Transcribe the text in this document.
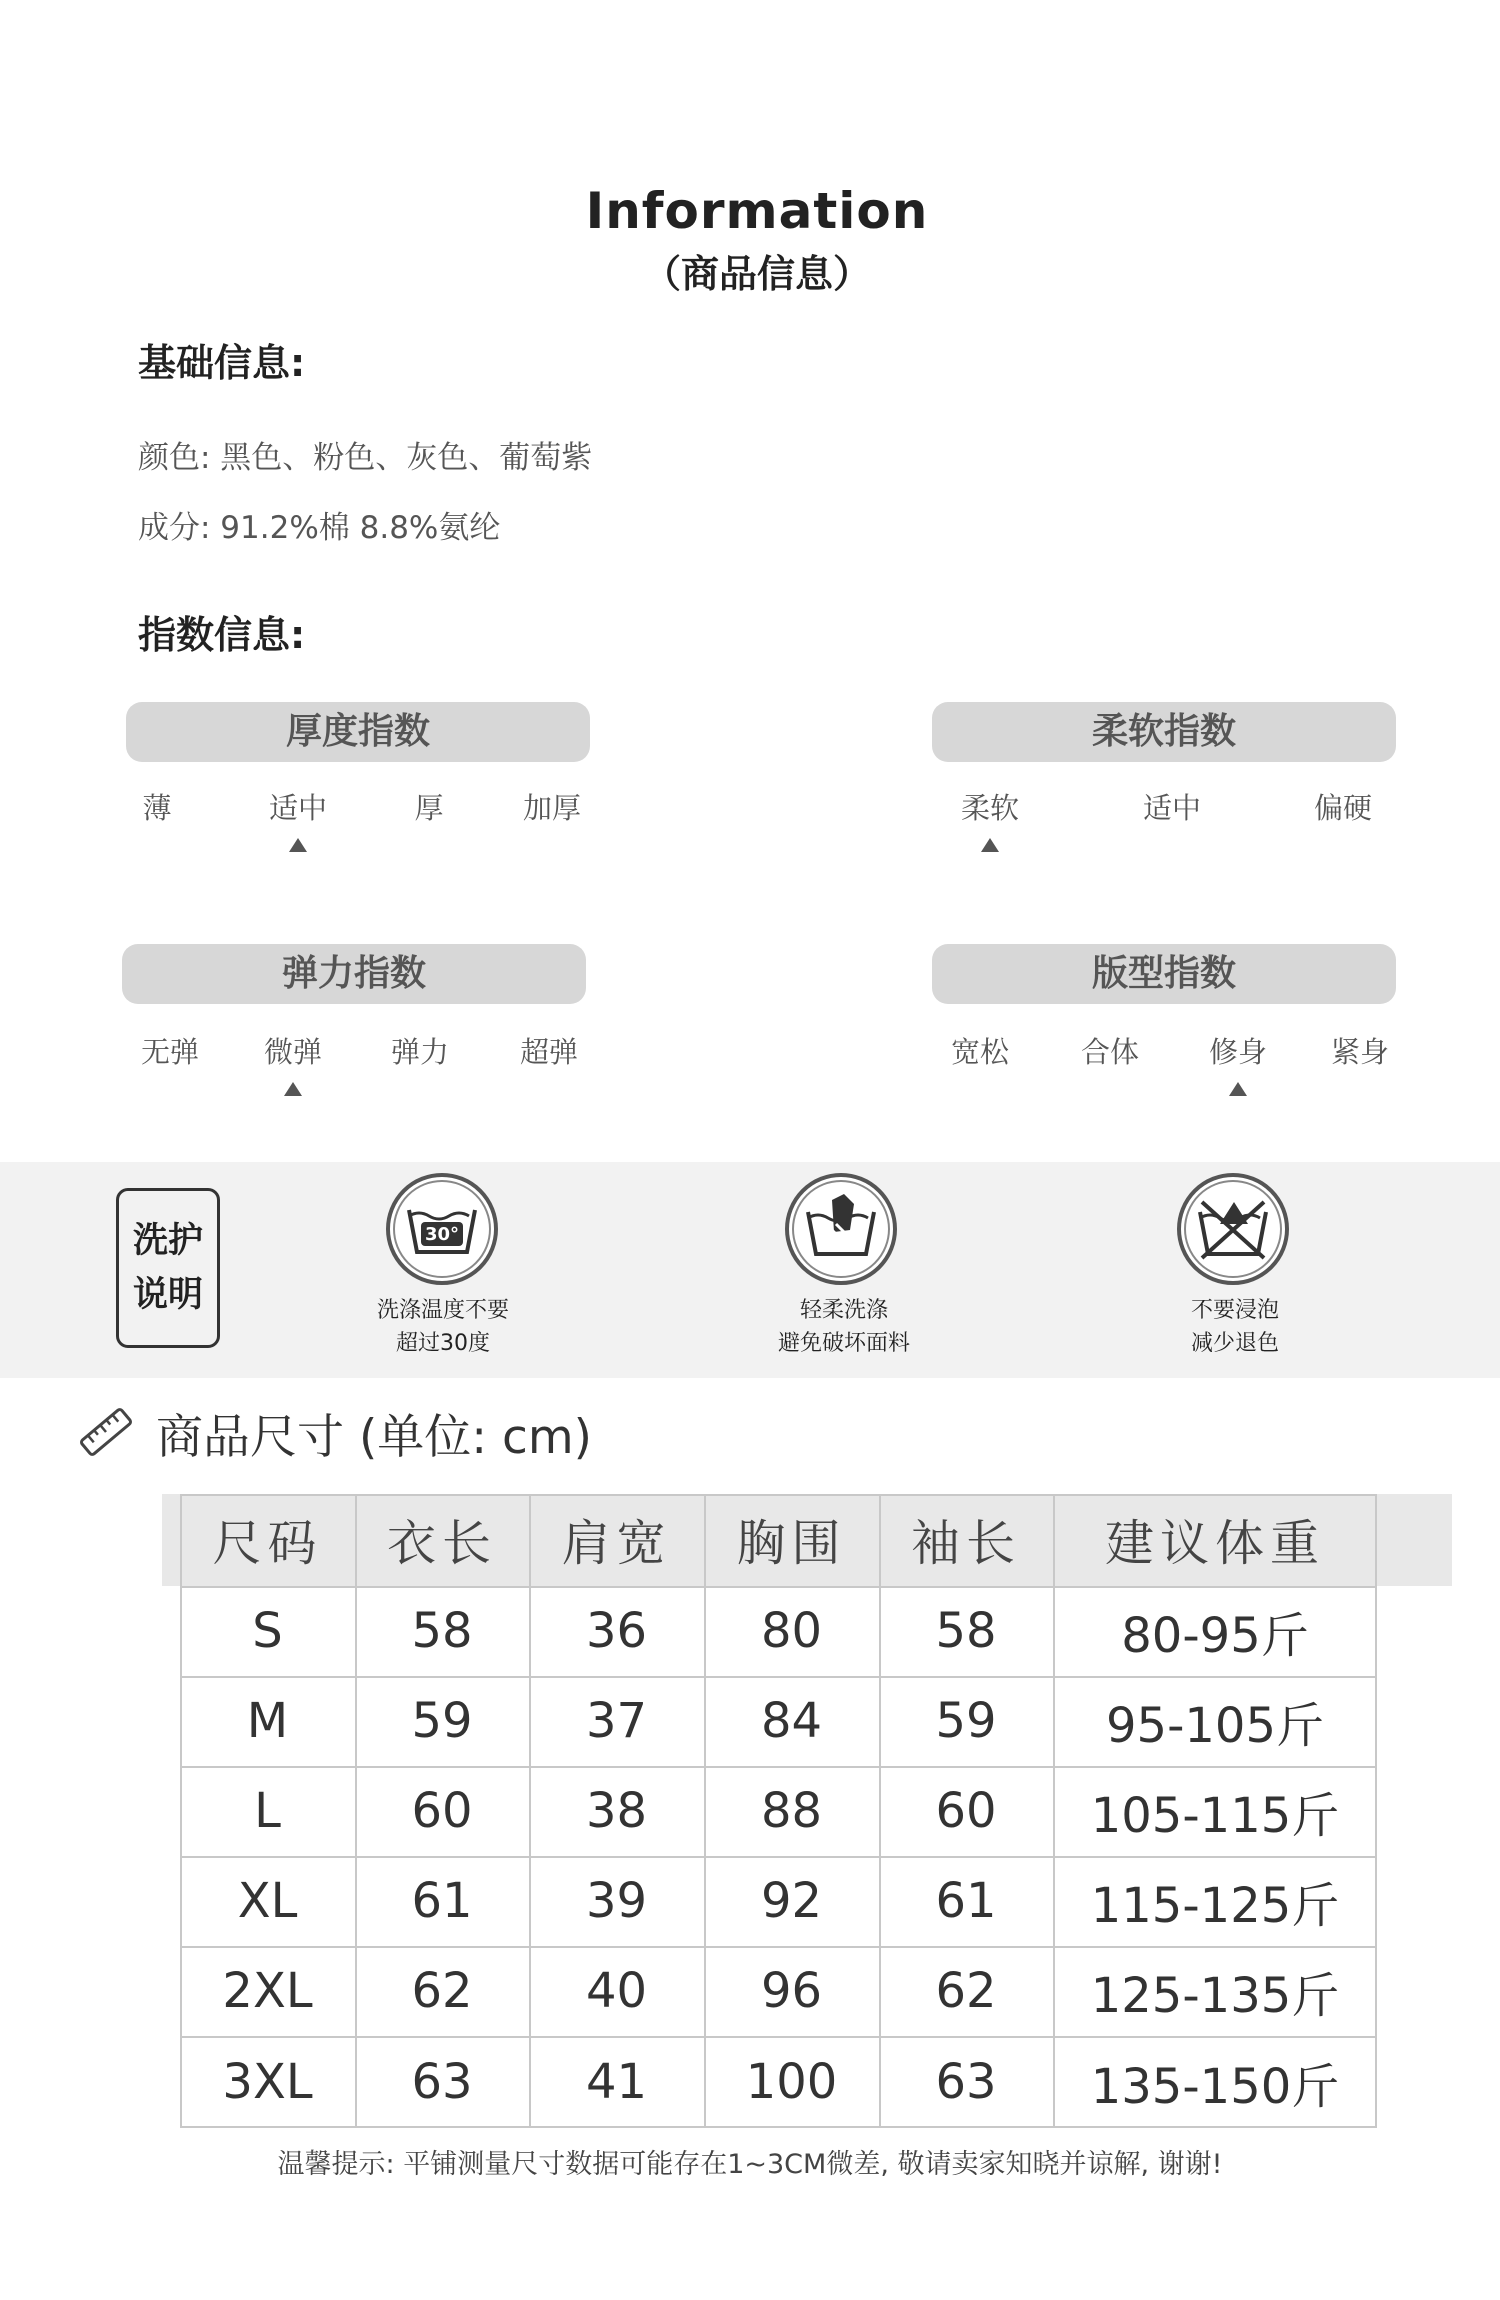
Information
（商品信息）
基础信息:
颜色: 黑色、粉色、灰色、葡萄紫
成分: 91.2%棉 8.8%氨纶
指数信息:
厚度指数
薄	适中	厚	加厚
柔软指数
柔软	适中	偏硬
弹力指数
无弹 微弹 弹力 超弹
版型指数
宽松 合体 修身 紧身
洗护
说明
30°
洗涤温度不要
超过30度
轻柔洗涤
避免破坏面料
不要浸泡
减少退色
商品尺寸 (单位: cm)
尺码	衣长	肩宽	胸围	袖长	建议体重
S	58	36	80	58	80-95斤
M	59	37	84	59	95-105斤
L	60	38	88	60	105-115斤
XL	61	39	92	61	115-125斤
2XL	62	40	96	62	125-135斤
3XL	63	41	100	63	135-150斤
温馨提示: 平铺测量尺寸数据可能存在1~3CM微差, 敬请卖家知晓并谅解, 谢谢!
